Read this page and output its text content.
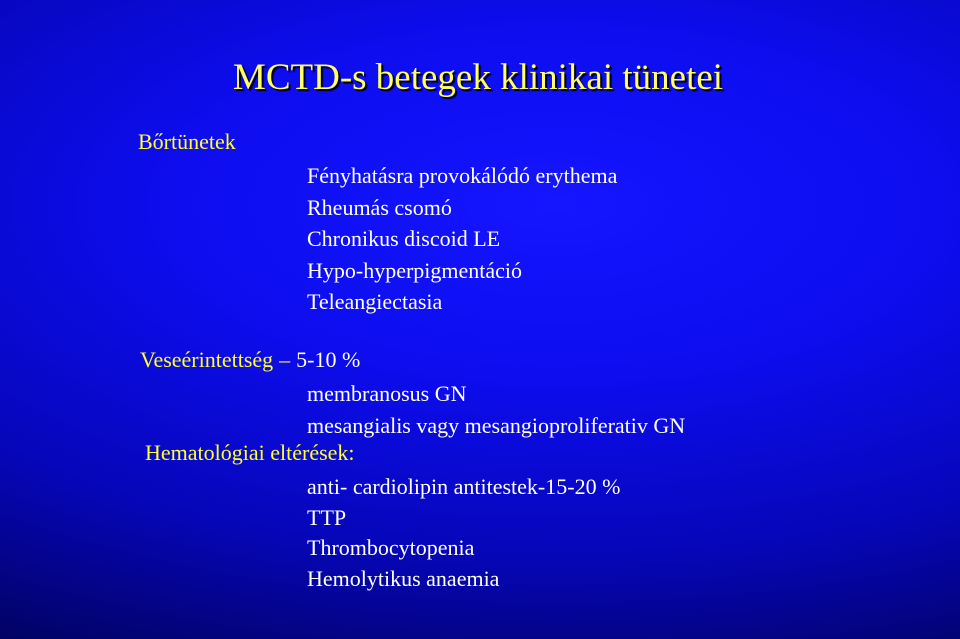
MCTD-s betegek klinikai tünetei
Bőrtünetek
Fényhatásra provokálódó erythema
Rheumás csomó
Chronikus discoid LE
Hypo-hyperpigmentáció
Teleangiectasia
Veseérintettség – 5-10 %
membranosus GN
mesangialis vagy mesangioproliferativ GN
Hematológiai eltérések:
anti- cardiolipin antitestek-15-20 %
TTP
Thrombocytopenia
Hemolytikus anaemia
